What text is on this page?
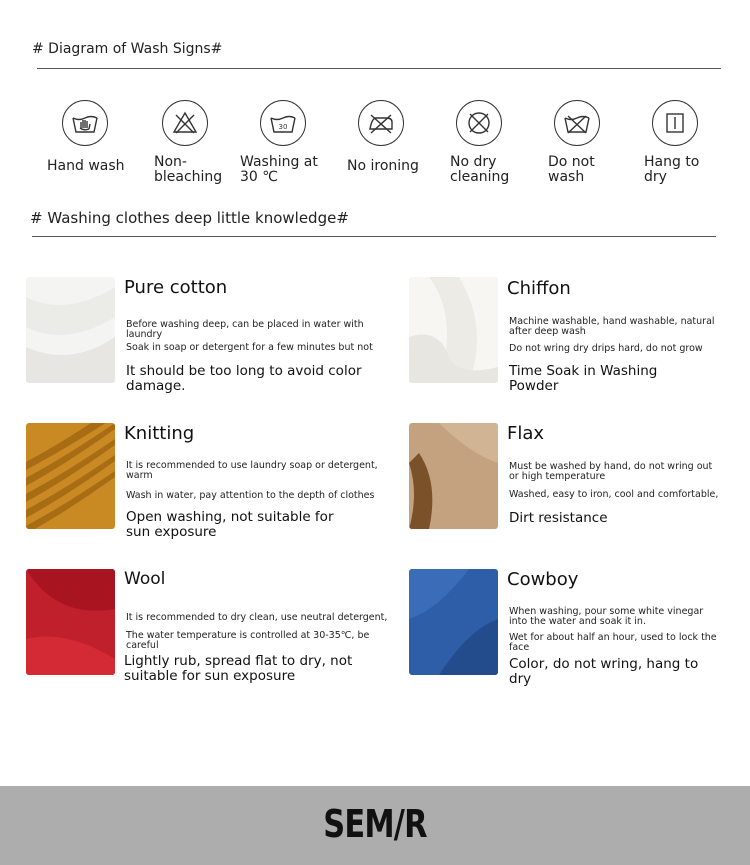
# Diagram of Wash Signs#
Hand wash Non-
bleaching
30
Washing at
30 ℃
No ironing	No dry
cleaning
Do not
wash
Hang to
dry
# Washing clothes deep little knowledge#
Pure cotton
Before washing deep, can be placed in water with laundry
Soak in soap or detergent for a few minutes but not
It should be too long to avoid color damage.
Chiffon
Machine washable, hand washable, natural after deep wash
Do not wring dry drips hard, do not grow
Time Soak in Washing Powder
Knitting
It is recommended to use laundry soap or detergent, warm
Wash in water, pay attention to the depth of clothes
Open washing, not suitable for sun exposure
Flax
Must be washed by hand, do not wring out or high temperature
Washed, easy to iron, cool and comfortable,
Dirt resistance
Wool
It is recommended to dry clean, use neutral detergent,
The water temperature is controlled at 30-35℃, be careful
Lightly rub, spread flat to dry, not suitable for sun exposure
Cowboy
When washing, pour some white vinegar into the water and soak it in.
Wet for about half an hour, used to lock the face
Color, do not wring, hang to dry
SEM/R
